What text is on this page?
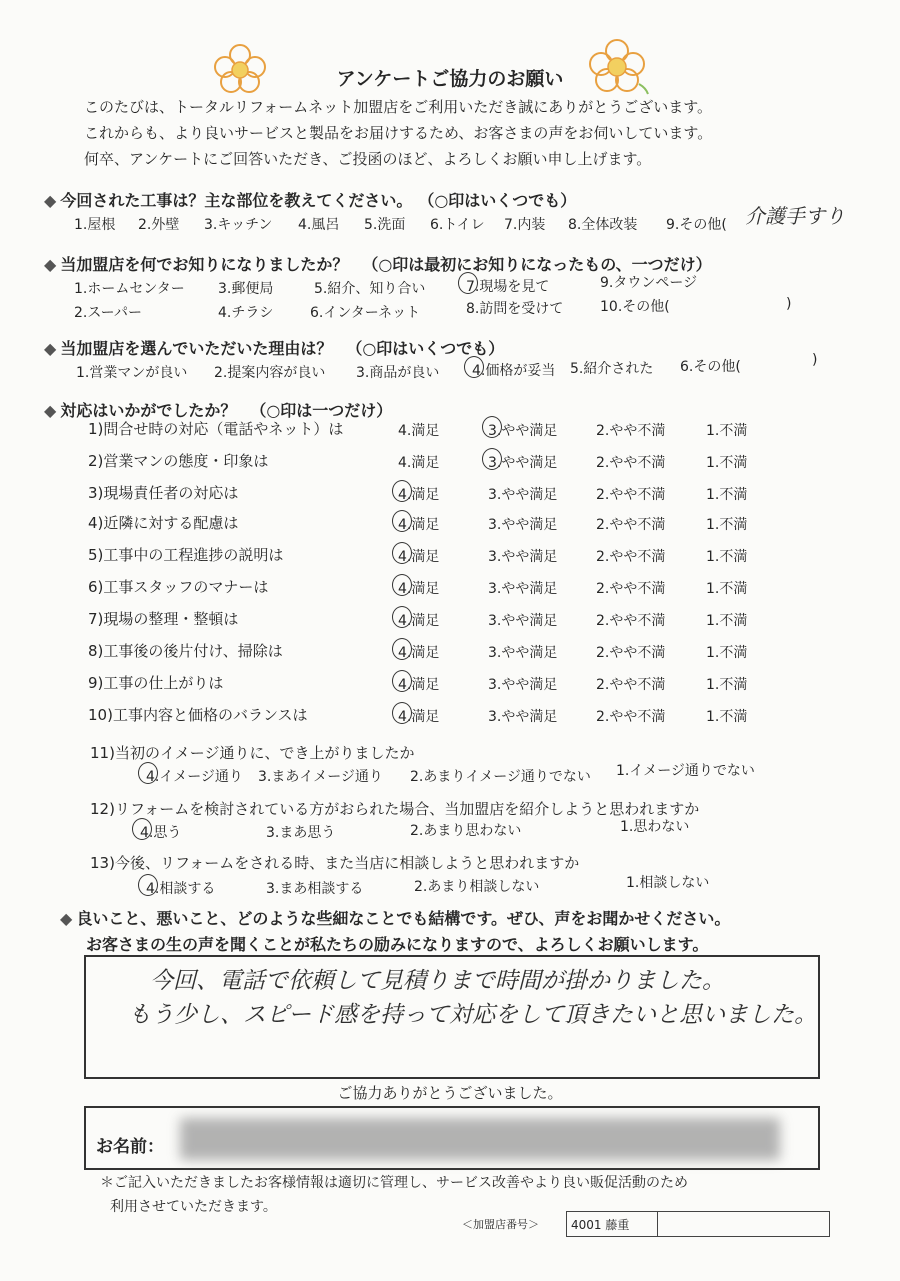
アンケートご協力のお願い
このたびは、トータルリフォームネット加盟店をご利用いただき誠にありがとうございます。
これからも、より良いサービスと製品をお届けするため、お客さまの声をお伺いしています。
何卒、アンケートにご回答いただき、ご投函のほど、よろしくお願い申し上げます。
◆ 今回された工事は？主な部位を教えてください。 （○印はいくつでも）
1.屋根 2.外壁 3.キッチン 4.風呂 5.洗面 6.トイレ 7.内装 8.全体改装 9.その他( 介護手すり
◆ 当加盟店を何でお知りになりましたか？ （○印は最初にお知りになったもの、一つだけ）
1.ホームセンター 3.郵便局	5.紹介、知り合い	7.現場を見て	9.タウンページ
2.スーパー	4.チラシ	6.インターネット	8.訪問を受けて	10.その他(	)
◆ 当加盟店を選んでいただいた理由は？ （○印はいくつでも）
1.営業マンが良い 2.提案内容が良い 3.商品が良い 4.価格が妥当 5.紹介された 6.その他(	)
◆ 対応はいかがでしたか？ （○印は一つだけ）
1)問合せ時の対応（電話やネット）は	4.満足	3.やや満足	2.やや不満	1.不満
2)営業マンの態度・印象は	4.満足	3.やや満足	2.やや不満	1.不満
3)現場責任者の対応は	4.満足	3.やや満足	2.やや不満	1.不満
4)近隣に対する配慮は	4.満足	3.やや満足	2.やや不満	1.不満
5)工事中の工程進捗の説明は	4.満足	3.やや満足	2.やや不満	1.不満
6)工事スタッフのマナーは	4.満足	3.やや満足	2.やや不満	1.不満
7)現場の整理・整頓は	4.満足	3.やや満足	2.やや不満	1.不満
8)工事後の後片付け、掃除は	4.満足	3.やや満足	2.やや不満	1.不満
9)工事の仕上がりは	4.満足	3.やや満足	2.やや不満	1.不満
10)工事内容と価格のバランスは	4.満足	3.やや満足	2.やや不満	1.不満
11)当初のイメージ通りに、でき上がりましたか
4.イメージ通り 3.まあイメージ通り 2.あまりイメージ通りでない 1.イメージ通りでない
12)リフォームを検討されている方がおられた場合、当加盟店を紹介しようと思われますか
4.思う	3.まあ思う	2.あまり思わない	1.思わない
13)今後、リフォームをされる時、また当店に相談しようと思われますか
4.相談する	3.まあ相談する	2.あまり相談しない	1.相談しない
◆ 良いこと、悪いこと、どのような些細なことでも結構です。ぜひ、声をお聞かせください。
お客さまの生の声を聞くことが私たちの励みになりますので、よろしくお願いします。
今回、電話で依頼して見積りまで時間が掛かりました。
もう少し、スピード感を持って対応をして頂きたいと思いました。
ご協力ありがとうございました。
お名前：
＊ご記入いただきましたお客様情報は適切に管理し、サービス改善やより良い販促活動のため
利用させていただきます。
＜加盟店番号＞	4001 藤重
